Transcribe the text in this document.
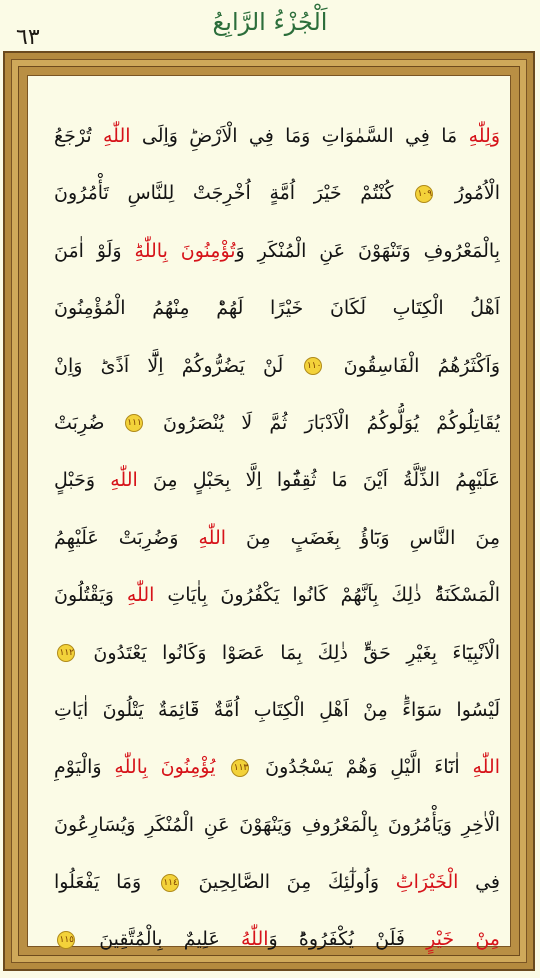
اَلْجُزْءُ الرَّابِعُ
٦٣
وَلِلّٰهِ مَا فِي السَّمٰوَاتِ وَمَا فِي الْاَرْضِؕ وَاِلَى اللّٰهِ تُرْجَعُ
الْاُمُورُ ١٠٩ كُنْتُمْ خَيْرَ اُمَّةٍ اُخْرِجَتْ لِلنَّاسِ تَأْمُرُونَ
بِالْمَعْرُوفِ وَتَنْهَوْنَ عَنِ الْمُنْكَرِ وَتُؤْمِنُونَ بِاللّٰهِؕ وَلَوْ اٰمَنَ
اَهْلُ الْكِتَابِ لَكَانَ خَيْرًا لَهُمْؕ مِنْهُمُ الْمُؤْمِنُونَ
وَاَكْثَرُهُمُ الْفَاسِقُونَ ١١٠ لَنْ يَضُرُّوكُمْ اِلَّٓا اَذًىؕ وَاِنْ
يُقَاتِلُوكُمْ يُوَلُّوكُمُ الْاَدْبَارَ ثُمَّ لَا يُنْصَرُونَ ١١١ ضُرِبَتْ
عَلَيْهِمُ الذِّلَّةُ اَيْنَ مَا ثُقِفُٓوا اِلَّا بِحَبْلٍ مِنَ اللّٰهِ وَحَبْلٍ
مِنَ النَّاسِ وَبَٓاؤُ بِغَضَبٍ مِنَ اللّٰهِ وَضُرِبَتْ عَلَيْهِمُ
الْمَسْكَنَةُؕ ذٰلِكَ بِاَنَّهُمْ كَانُوا يَكْفُرُونَ بِاٰيَاتِ اللّٰهِ وَيَقْتُلُونَ
الْاَنْبِيَٓاءَ بِغَيْرِ حَقٍّؕ ذٰلِكَ بِمَا عَصَوْا وَكَانُوا يَعْتَدُونَ ١١٢
لَيْسُوا سَوَٓاءًؕ مِنْ اَهْلِ الْكِتَابِ اُمَّةٌ قَٓائِمَةٌ يَتْلُونَ اٰيَاتِ
اللّٰهِ اٰنَٓاءَ الَّيْلِ وَهُمْ يَسْجُدُونَ ١١٣ يُؤْمِنُونَ بِاللّٰهِ وَالْيَوْمِ
الْاٰخِرِ وَيَأْمُرُونَ بِالْمَعْرُوفِ وَيَنْهَوْنَ عَنِ الْمُنْكَرِ وَيُسَارِعُونَ
فِي الْخَيْرَاتِؕ وَاُولٰٓئِكَ مِنَ الصَّالِحِينَ ١١٤ وَمَا يَفْعَلُوا
مِنْ خَيْرٍ فَلَنْ يُكْفَرُوهُؕ وَاللّٰهُ عَلِيمٌ بِالْمُتَّقِينَ ١١٥
